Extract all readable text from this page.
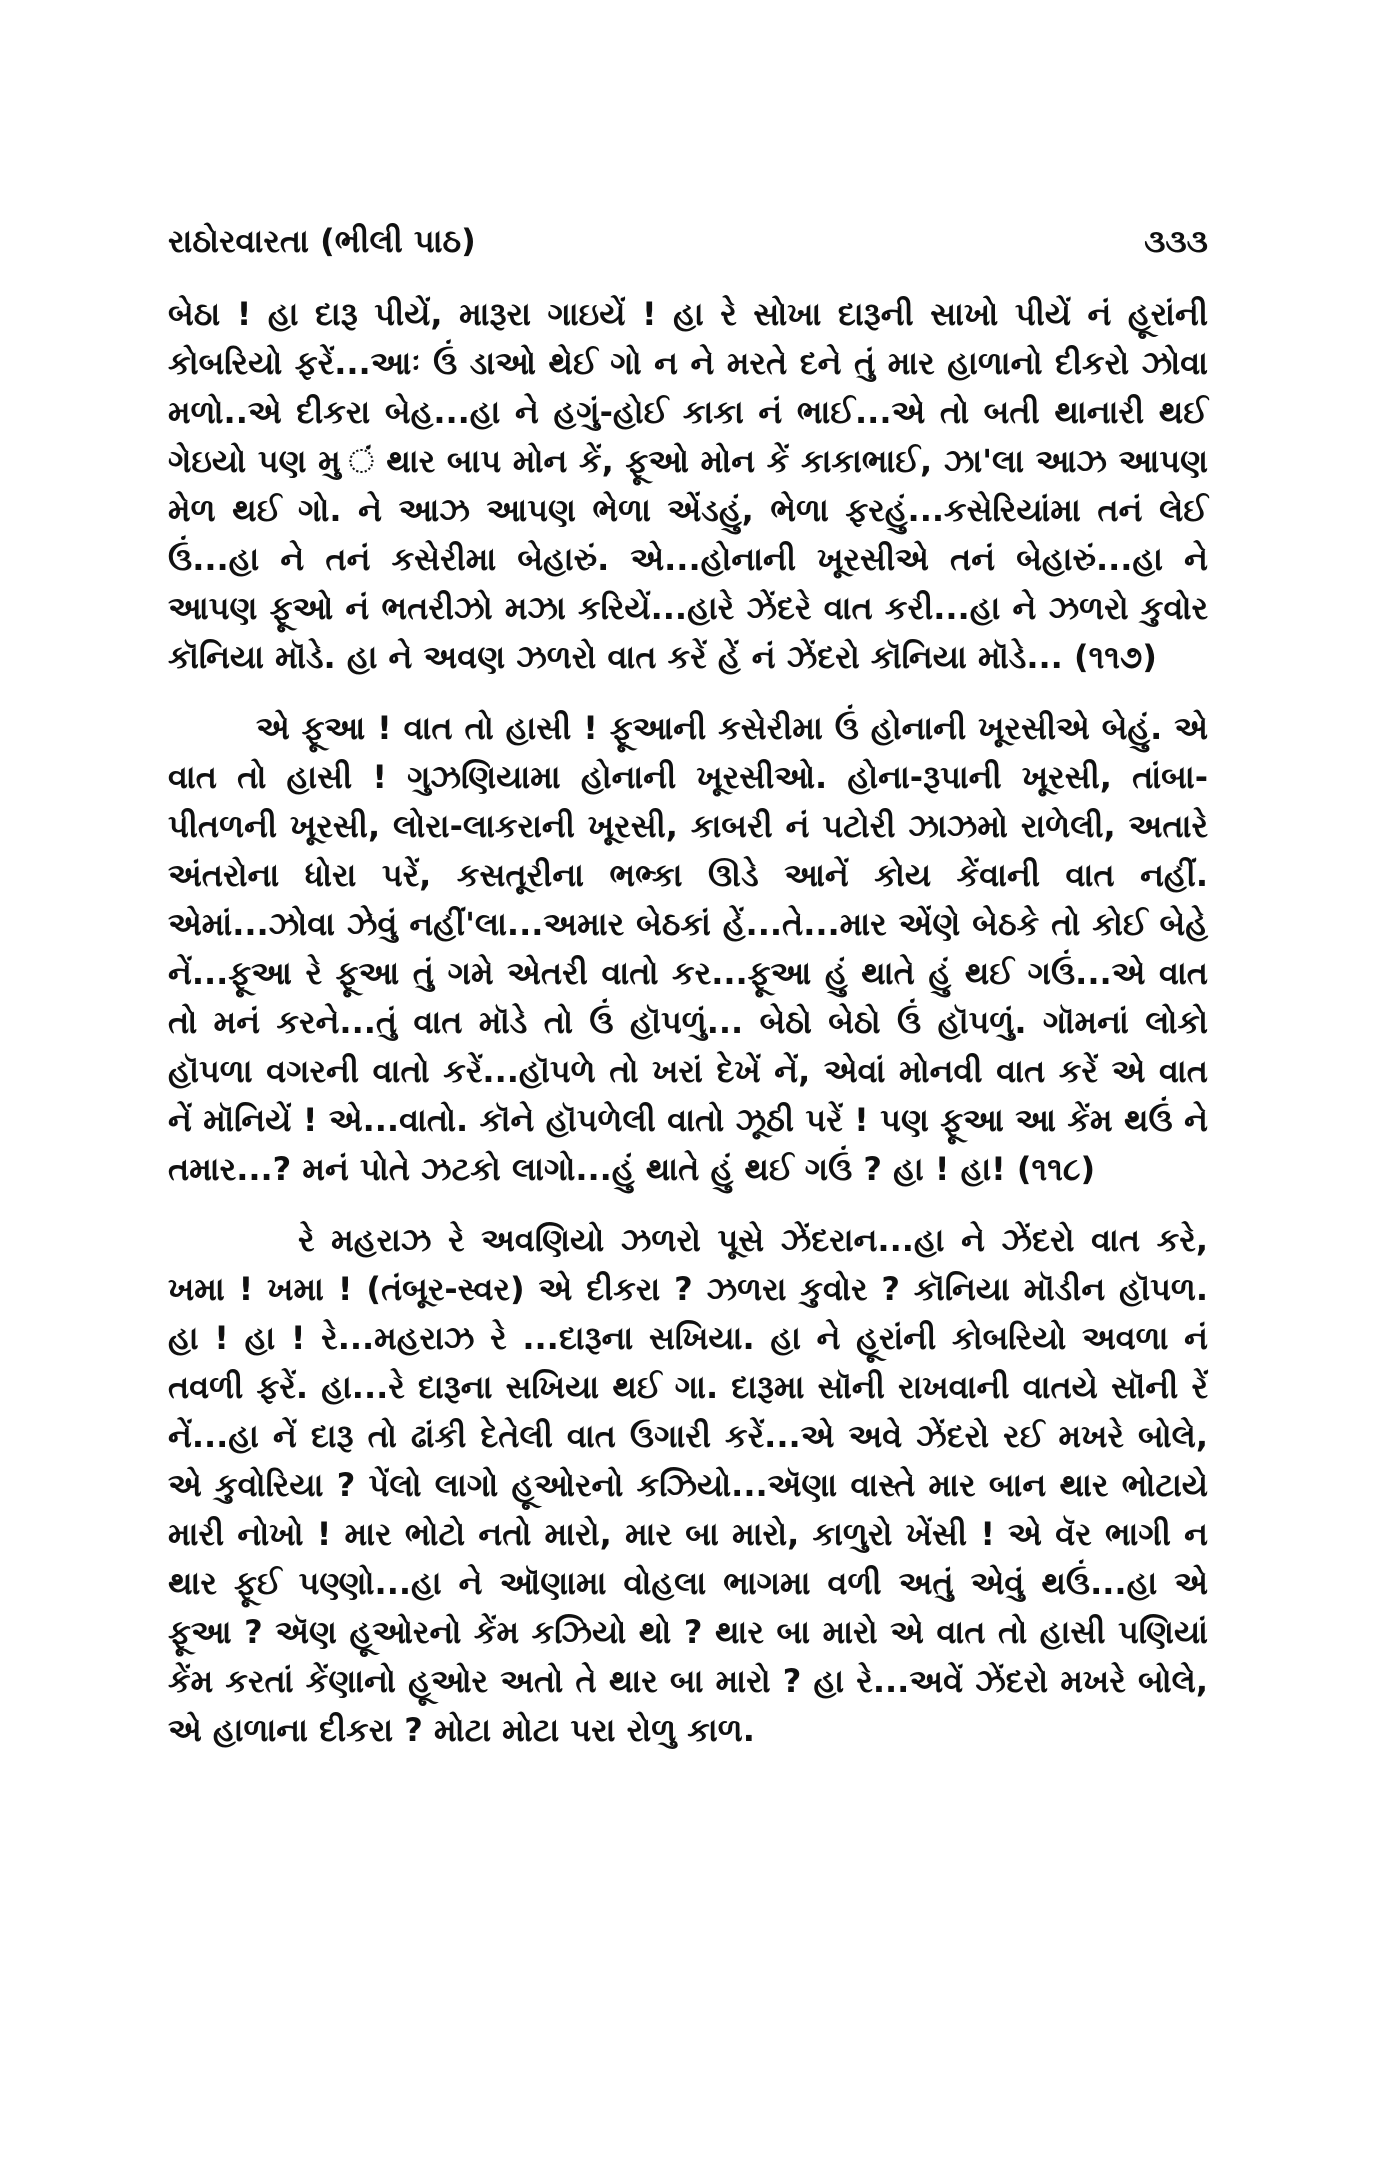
રાઠોરવારતા (ભીલી પાઠ)	૩૩૩

બેઠા ! હા દારૂ પીયેં, મારૂરા ગાઇયેં ! હા રે સોખા દારૂની સાખો પીયેં નં હૂરાંની કોબરિયો ફરેં...આઃ ઉં ડાઓ થેઈ ગો ન ને મરતે દને તું માર હાળાનો દીકરો ઝોવા મળો..એ દીકરા બેહ...હા ને હગું-હોઈ કાકા નં ભાઈ...એ તો બતી થાનારી થઈ ગેઇયો પણ મુ ં થાર બાપ મોન કેં, ફૂઓ મોન કેં કાકાભાઈ, ઝા'લા આઝ આપણ મેળ થઈ ગો. ને આઝ આપણ ભેળા એંડહું, ભેળા ફરહું...કસેરિયાંમા તનં લેઈ ઉં...હા ને તનં કસેરીમા બેહારું. એ...હોનાની ખૂરસીએ તનં બેહારું...હા ને આપણ ફૂઓ નં ભતરીઝો મઝા કરિયેં...હારે ઝેંદરે વાત કરી...હા ને ઝળરો કુવોર કૉનિયા મૉડે. હા ને અવણ ઝળરો વાત કરેં હેં નં ઝેંદરો કૉનિયા મૉડે... (૧૧૭)

એ ફૂઆ ! વાત તો હાસી ! ફૂઆની કસેરીમા ઉં હોનાની ખૂરસીએ બેહું. એ વાત તો હાસી ! ગુઝણિયામા હોનાની ખૂરસીઓ. હોના-રૂપાની ખૂરસી, તાંબા-પીતળની ખૂરસી, લોરા-લાકરાની ખૂરસી, કાબરી નં પટોરી ઝાઝમો રાળેલી, અતારે અંતરોના ધોરા પરેં, કસતૂરીના ભભ્કા ઊડે આનેં કોય કેંવાની વાત નહીં. એમાં...ઝોવા ઝેવું નહીં'લા...અમાર બેઠકાં હેં...તે...માર એંણે બેઠકે તો કોઈ બેહે નેં...ફૂઆ રે ફૂઆ તું ગમે એતરી વાતો કર...ફૂઆ હું થાતે હું થઈ ગઉં...એ વાત તો મનં કરને...તું વાત મૉડે તો ઉં હૉપળું... બેઠો બેઠો ઉં હૉપળું. ગૉમનાં લોકો હૉપળા વગરની વાતો કરેં...હૉપળે તો ખરાં દેખેં નેં, એવાં મોનવી વાત કરેં એ વાત નેં મૉનિયેં ! એ...વાતો. કૉને હૉપળેલી વાતો ઝૂઠી પરેં ! પણ ફૂઆ આ કેંમ થઉં ને તમાર...? મનં પોતે ઝટકો લાગો...હું થાતે હું થઈ ગઉં ? હા ! હા! (૧૧૮)

રે મહરાઝ રે અવણિયો ઝળરો પૂસે ઝેંદરાન...હા ને ઝેંદરો વાત કરે, ખમા ! ખમા ! (તંબૂર-સ્વર) એ દીકરા ? ઝળરા કુવોર ? કૉનિયા મૉડીન હૉપળ. હા ! હા ! રે...મહરાઝ રે ...દારૂના સખિયા. હા ને હૂરાંની કોબરિયો અવળા નં તવળી ફરેં. હા...રે દારૂના સખિયા થઈ ગા. દારૂમા સૉની રાખવાની વાતયે સૉની રેં નેં...હા નેં દારૂ તો ઢાંકી દેતેલી વાત ઉગારી કરેં...એ અવે ઝેંદરો રઈ મખરે બોલે, એ કુવોરિયા ? પેંલો લાગો હૂઓરનો કઝિયો...ઍણા વાસ્તે માર બાન થાર ભોટાયે મારી નોખો ! માર ભોટો નતો મારો, માર બા મારો, કાળુરો ખેંસી ! એ વૅર ભાગી ન થાર ફૂઈ પણ્ણો...હા ને ઑણામા વોહલા ભાગમા વળી અતું એવું થઉં...હા એ ફૂઆ ? ઍણ હૂઓરનો કેંમ કઝિયો થો ? થાર બા મારો એ વાત તો હાસી પણિયાં કેંમ કરતાં કેંણાનો હૂઓર અતો તે થાર બા મારો ? હા રે...અવેં ઝેંદરો મખરે બોલે, એ હાળાના દીકરા ? મોટા મોટા પરા રોળુ કાળ.
